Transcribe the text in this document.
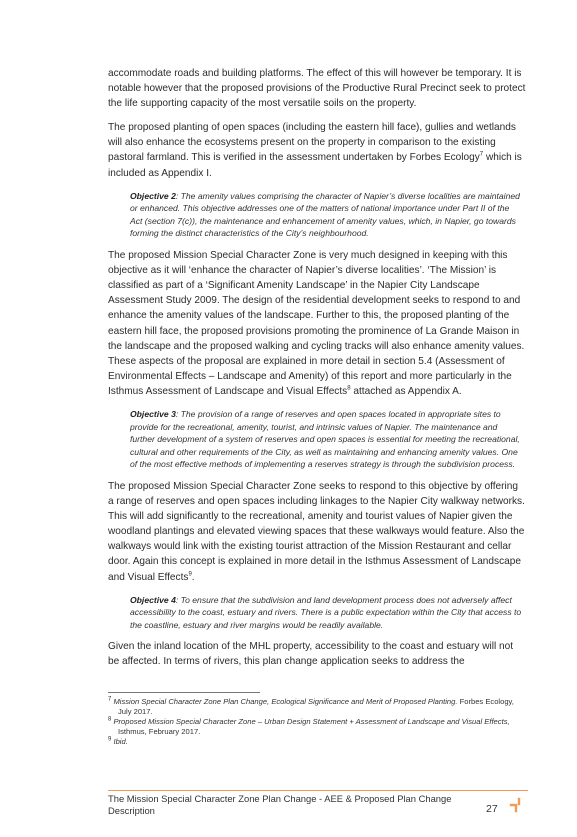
accommodate roads and building platforms. The effect of this will however be temporary. It is notable however that the proposed provisions of the Productive Rural Precinct seek to protect the life supporting capacity of the most versatile soils on the property.

The proposed planting of open spaces (including the eastern hill face), gullies and wetlands will also enhance the ecosystems present on the property in comparison to the existing pastoral farmland. This is verified in the assessment undertaken by Forbes Ecology$^7$ which is included as Appendix I.

Objective 2: The amenity values comprising the character of Napier’s diverse localities are maintained or enhanced. This objective addresses one of the matters of national importance under Part II of the Act (section 7(c)), the maintenance and enhancement of amenity values, which, in Napier, go towards forming the distinct characteristics of the City’s neighbourhood.

The proposed Mission Special Character Zone is very much designed in keeping with this objective as it will ‘enhance the character of Napier’s diverse localities’. ‘The Mission’ is classified as part of a ‘Significant Amenity Landscape’ in the Napier City Landscape Assessment Study 2009. The design of the residential development seeks to respond to and enhance the amenity values of the landscape. Further to this, the proposed planting of the eastern hill face, the proposed provisions promoting the prominence of La Grande Maison in the landscape and the proposed walking and cycling tracks will also enhance amenity values. These aspects of the proposal are explained in more detail in section 5.4 (Assessment of Environmental Effects – Landscape and Amenity) of this report and more particularly in the Isthmus Assessment of Landscape and Visual Effects$^8$ attached as Appendix A.

Objective 3: The provision of a range of reserves and open spaces located in appropriate sites to provide for the recreational, amenity, tourist, and intrinsic values of Napier. The maintenance and further development of a system of reserves and open spaces is essential for meeting the recreational, cultural and other requirements of the City, as well as maintaining and enhancing amenity values. One of the most effective methods of implementing a reserves strategy is through the subdivision process.

The proposed Mission Special Character Zone seeks to respond to this objective by offering a range of reserves and open spaces including linkages to the Napier City walkway networks. This will add significantly to the recreational, amenity and tourist values of Napier given the woodland plantings and elevated viewing spaces that these walkways would feature. Also the walkways would link with the existing tourist attraction of the Mission Restaurant and cellar door. Again this concept is explained in more detail in the Isthmus Assessment of Landscape and Visual Effects$^9$.

Objective 4: To ensure that the subdivision and land development process does not adversely affect accessibility to the coast, estuary and rivers. There is a public expectation within the City that access to the coastline, estuary and river margins would be readily available.

Given the inland location of the MHL property, accessibility to the coast and estuary will not be affected. In terms of rivers, this plan change application seeks to address the

$^7$ Mission Special Character Zone Plan Change, Ecological Significance and Merit of Proposed Planting. Forbes Ecology, July 2017.

$^8$ Proposed Mission Special Character Zone – Urban Design Statement + Assessment of Landscape and Visual Effects, Isthmus, February 2017.

$^9$ Ibid.

The Mission Special Character Zone Plan Change - AEE & Proposed Plan Change Description	27
